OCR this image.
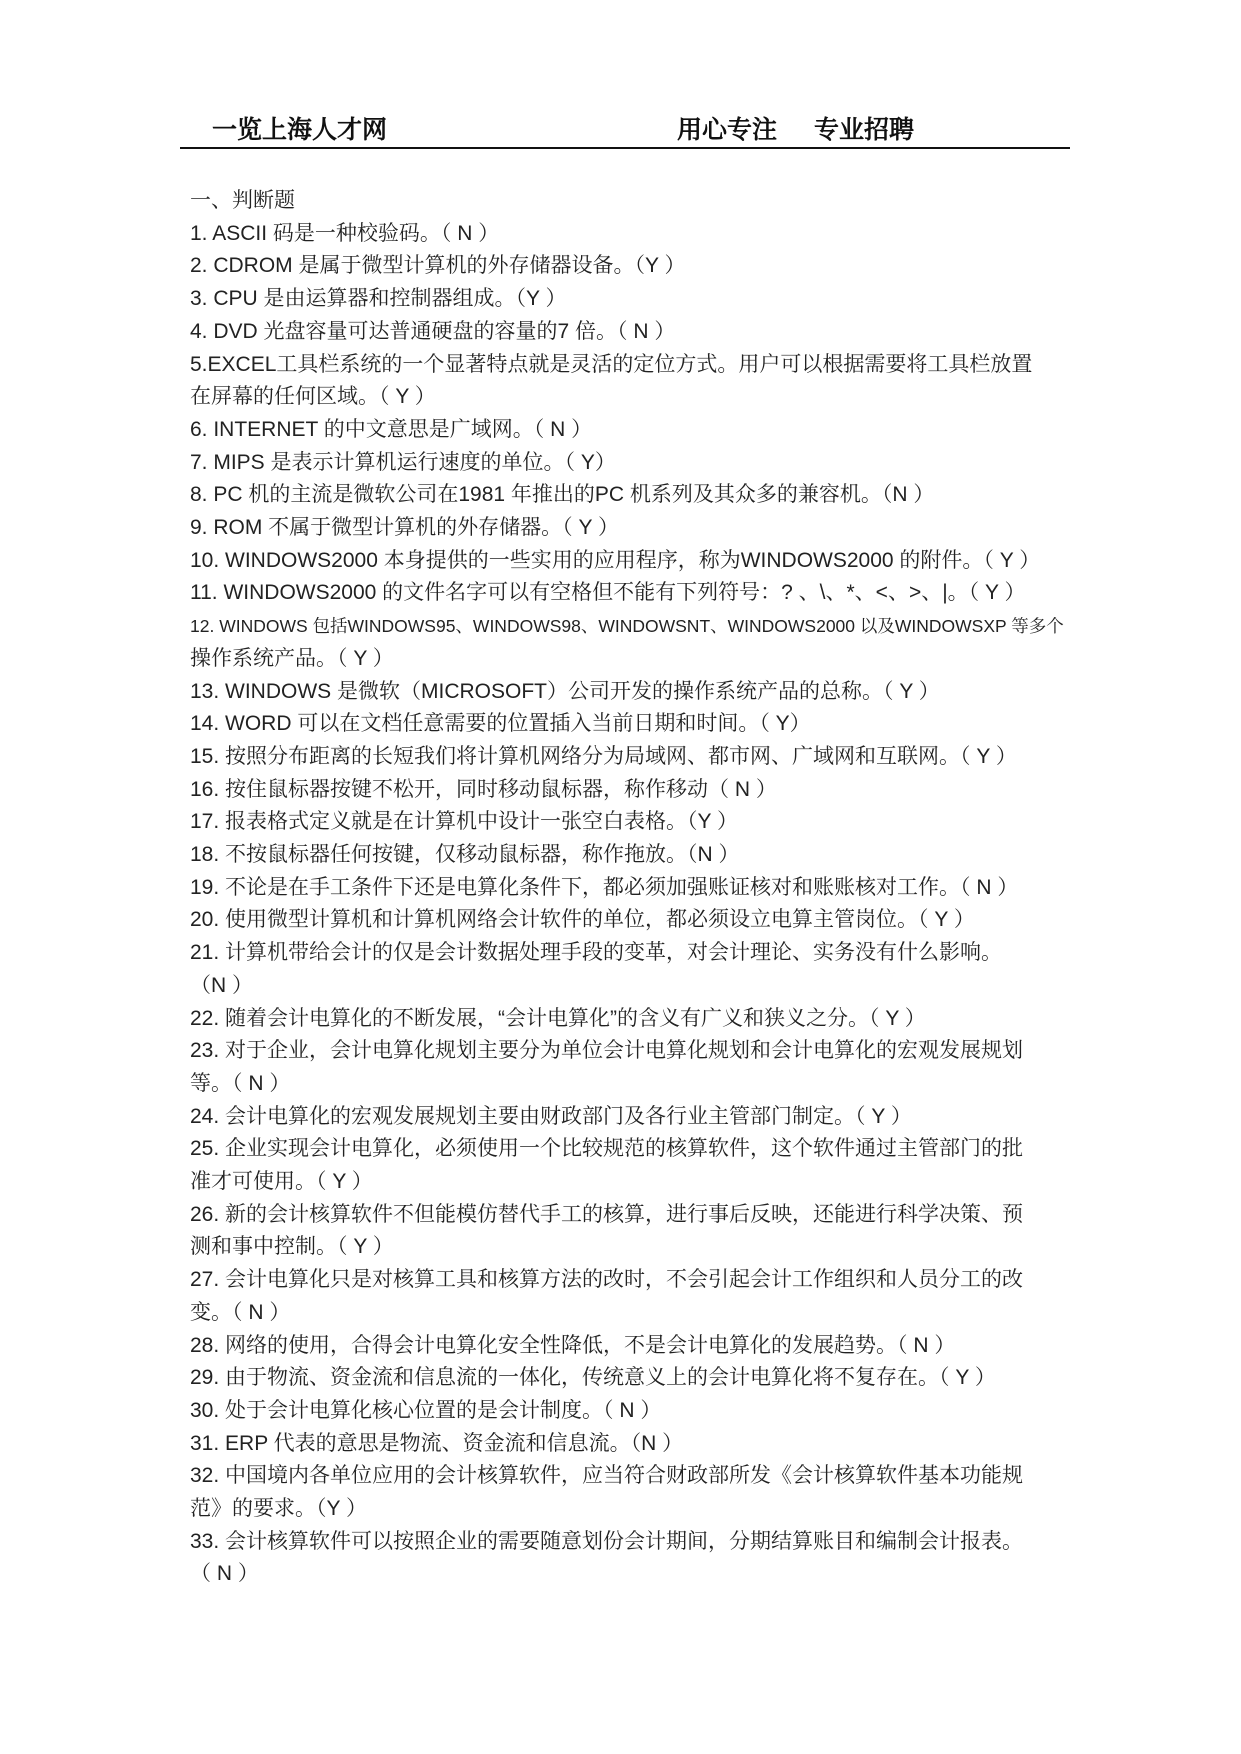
一览上海人才网	用心专注 专业招聘
一、判断题
1. ASCII 码是一种校验码。（ N ）
2. CDROM 是属于微型计算机的外存储器设备。（Y ）
3. CPU 是由运算器和控制器组成。（Y ）
4. DVD 光盘容量可达普通硬盘的容量的7 倍。（ N ）
5.EXCEL工具栏系统的一个显著特点就是灵活的定位方式。用户可以根据需要将工具栏放置
在屏幕的任何区域。（ Y ）
6. INTERNET 的中文意思是广域网。（ N ）
7. MIPS 是表示计算机运行速度的单位。（ Y）
8. PC 机的主流是微软公司在1981 年推出的PC 机系列及其众多的兼容机。（N ）
9. ROM 不属于微型计算机的外存储器。（ Y ）
10. WINDOWS2000 本身提供的一些实用的应用程序，称为WINDOWS2000 的附件。（ Y ）
11. WINDOWS2000 的文件名字可以有空格但不能有下列符号：? 、\、*、<、>、|。（ Y ）
12. WINDOWS 包括WINDOWS95、WINDOWS98、WINDOWSNT、WINDOWS2000 以及WINDOWSXP 等多个
操作系统产品。（ Y ）
13. WINDOWS 是微软（MICROSOFT）公司开发的操作系统产品的总称。（ Y ）
14. WORD 可以在文档任意需要的位置插入当前日期和时间。（ Y）
15. 按照分布距离的长短我们将计算机网络分为局域网、都市网、广域网和互联网。（ Y ）
16. 按住鼠标器按键不松开，同时移动鼠标器，称作移动（ N ）
17. 报表格式定义就是在计算机中设计一张空白表格。（Y ）
18. 不按鼠标器任何按键，仅移动鼠标器，称作拖放。（N ）
19. 不论是在手工条件下还是电算化条件下，都必须加强账证核对和账账核对工作。（ N ）
20. 使用微型计算机和计算机网络会计软件的单位，都必须设立电算主管岗位。（ Y ）
21. 计算机带给会计的仅是会计数据处理手段的变革，对会计理论、实务没有什么影响。
（N ）
22. 随着会计电算化的不断发展，“会计电算化”的含义有广义和狭义之分。（ Y ）
23. 对于企业，会计电算化规划主要分为单位会计电算化规划和会计电算化的宏观发展规划
等。（ N ）
24. 会计电算化的宏观发展规划主要由财政部门及各行业主管部门制定。（ Y ）
25. 企业实现会计电算化，必须使用一个比较规范的核算软件，这个软件通过主管部门的批
准才可使用。（ Y ）
26. 新的会计核算软件不但能模仿替代手工的核算，进行事后反映，还能进行科学决策、预
测和事中控制。（ Y ）
27. 会计电算化只是对核算工具和核算方法的改时，不会引起会计工作组织和人员分工的改
变。（ N ）
28. 网络的使用，合得会计电算化安全性降低，不是会计电算化的发展趋势。（ N ）
29. 由于物流、资金流和信息流的一体化，传统意义上的会计电算化将不复存在。（ Y ）
30. 处于会计电算化核心位置的是会计制度。（ N ）
31. ERP 代表的意思是物流、资金流和信息流。（N ）
32. 中国境内各单位应用的会计核算软件，应当符合财政部所发《会计核算软件基本功能规
范》的要求。（Y ）
33. 会计核算软件可以按照企业的需要随意划份会计期间，分期结算账目和编制会计报表。
（ N ）
